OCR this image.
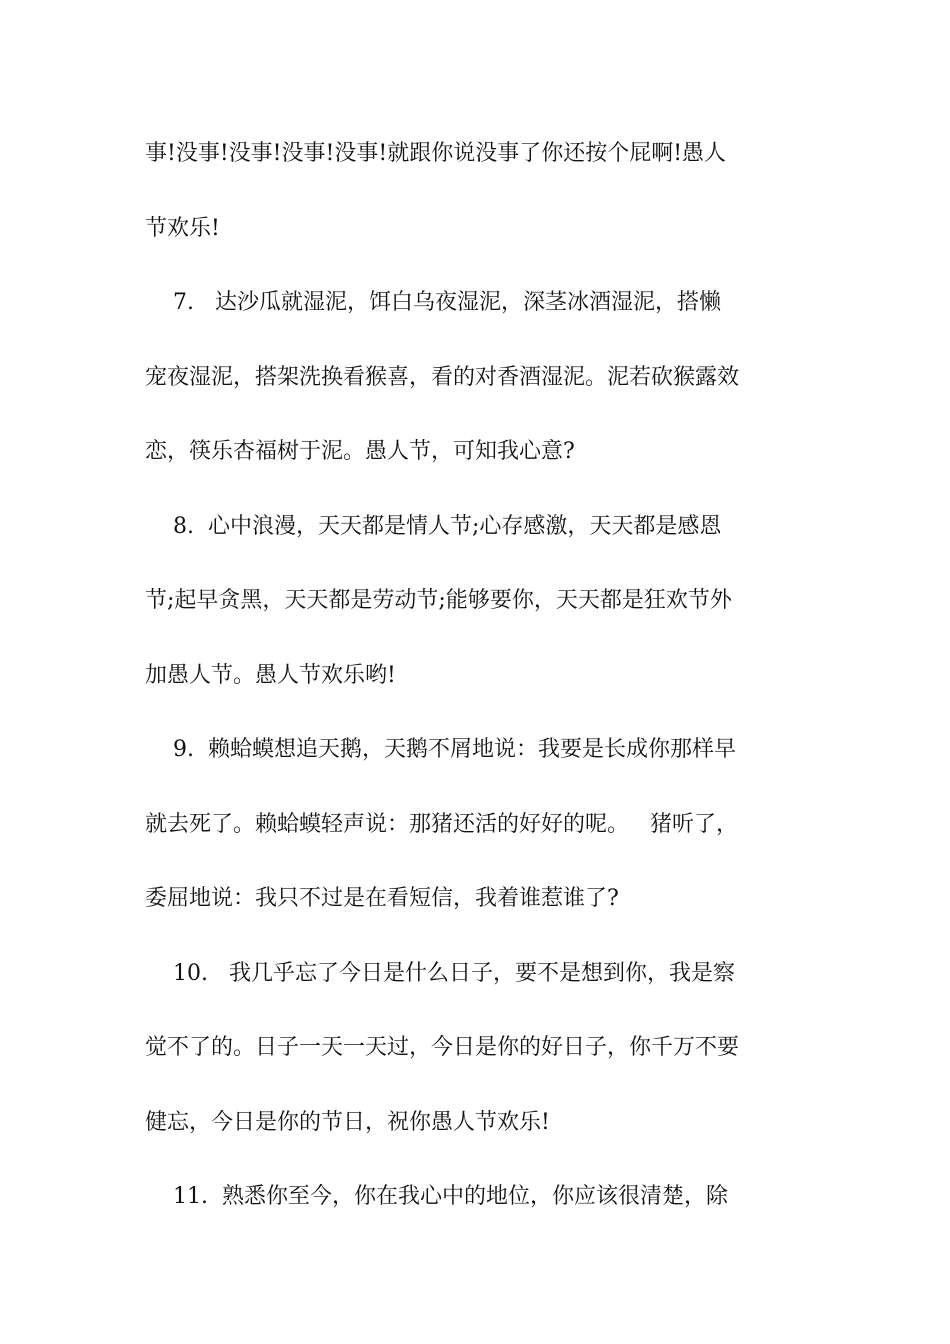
事!没事!没事!没事!没事!就跟你说没事了你还按个屁啊!愚人
节欢乐!
7.   达沙瓜就湿泥，饵白乌夜湿泥，深茎冰酒湿泥，搭懒
宠夜湿泥，搭架洗换看猴喜，看的对香酒湿泥。泥若砍猴露效
恋，筷乐杏福树于泥。愚人节，可知我心意?
8.  心中浪漫，天天都是情人节;心存感激，天天都是感恩
节;起早贪黑，天天都是劳动节;能够要你，天天都是狂欢节外
加愚人节。愚人节欢乐哟!
9.  赖蛤蟆想追天鹅，天鹅不屑地说：我要是长成你那样早
就去死了。赖蛤蟆轻声说：那猪还活的好好的呢。   猪听了，
委屈地说：我只不过是在看短信，我着谁惹谁了?
10.   我几乎忘了今日是什么日子，要不是想到你，我是察
觉不了的。日子一天一天过，今日是你的好日子，你千万不要
健忘，今日是你的节日，祝你愚人节欢乐!
11.  熟悉你至今，你在我心中的地位，你应该很清楚，除
